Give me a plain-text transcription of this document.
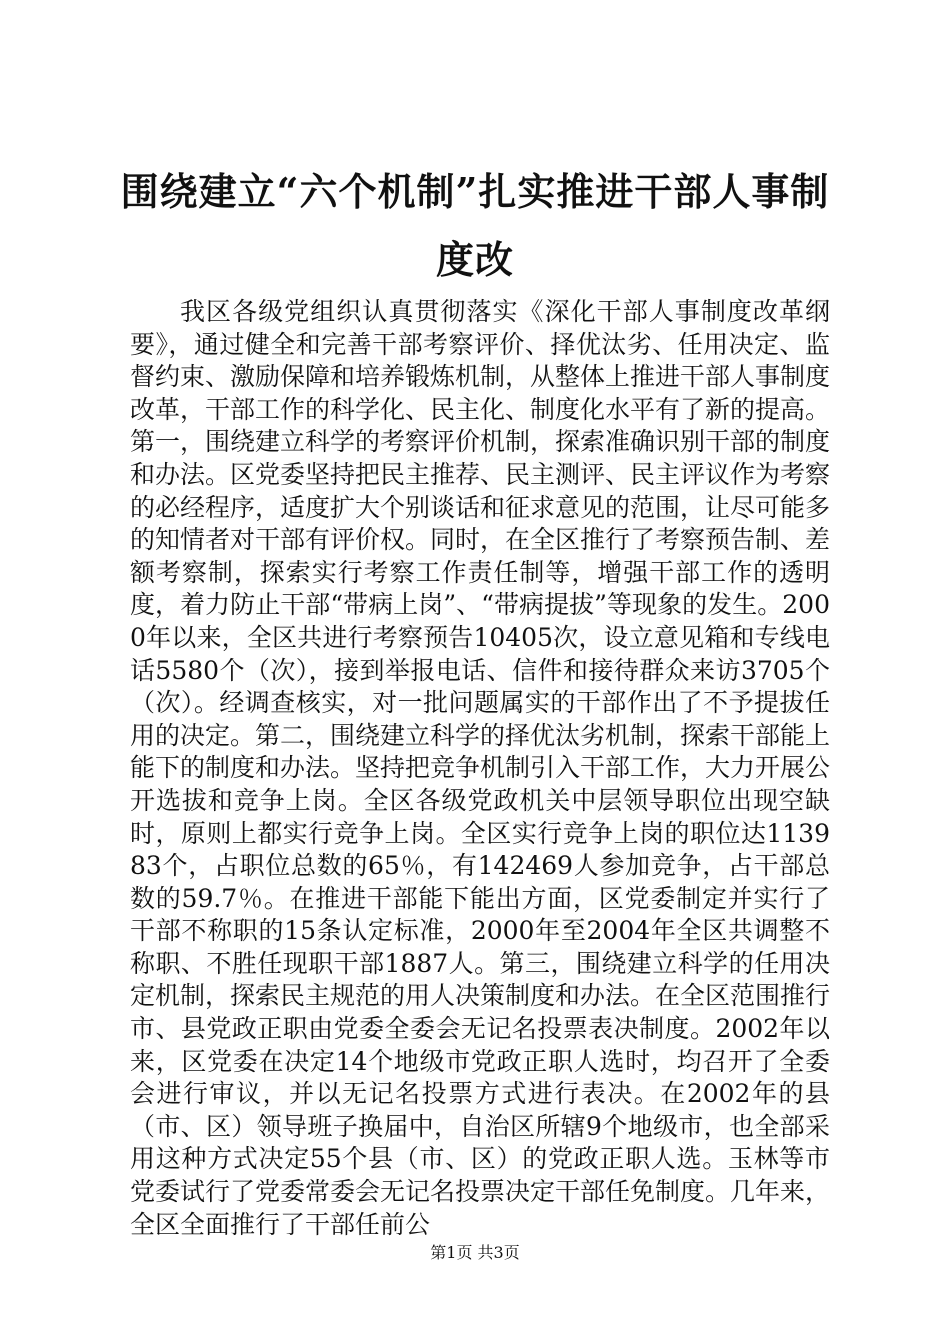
围绕建立“六个机制”扎实推进干部人事制度改

我区各级党组织认真贯彻落实《深化干部人事制度改革纲要》，通过健全和完善干部考察评价、择优汰劣、任用决定、监督约束、激励保障和培养锻炼机制，从整体上推进干部人事制度改革，干部工作的科学化、民主化、制度化水平有了新的提高。第一，围绕建立科学的考察评价机制，探索准确识别干部的制度和办法。区党委坚持把民主推荐、民主测评、民主评议作为考察的必经程序，适度扩大个别谈话和征求意见的范围，让尽可能多的知情者对干部有评价权。同时，在全区推行了考察预告制、差额考察制，探索实行考察工作责任制等，增强干部工作的透明度，着力防止干部“带病上岗”、“带病提拔”等现象的发生。2000年以来，全区共进行考察预告10405次，设立意见箱和专线电话5580个（次），接到举报电话、信件和接待群众来访3705个（次）。经调查核实，对一批问题属实的干部作出了不予提拔任用的决定。第二，围绕建立科学的择优汰劣机制，探索干部能上能下的制度和办法。坚持把竞争机制引入干部工作，大力开展公开选拔和竞争上岗。全区各级党政机关中层领导职位出现空缺时，原则上都实行竞争上岗。全区实行竞争上岗的职位达113983个，占职位总数的65％，有142469人参加竞争，占干部总数的59.7％。在推进干部能下能出方面，区党委制定并实行了干部不称职的15条认定标准，2000年至2004年全区共调整不称职、不胜任现职干部1887人。第三，围绕建立科学的任用决定机制，探索民主规范的用人决策制度和办法。在全区范围推行市、县党政正职由党委全委会无记名投票表决制度。2002年以来，区党委在决定14个地级市党政正职人选时，均召开了全委会进行审议，并以无记名投票方式进行表决。在2002年的县（市、区）领导班子换届中，自治区所辖9个地级市，也全部采用这种方式决定55个县（市、区）的党政正职人选。玉林等市党委试行了党委常委会无记名投票决定干部任免制度。几年来，全区全面推行了干部任前公

第1页 共3页
